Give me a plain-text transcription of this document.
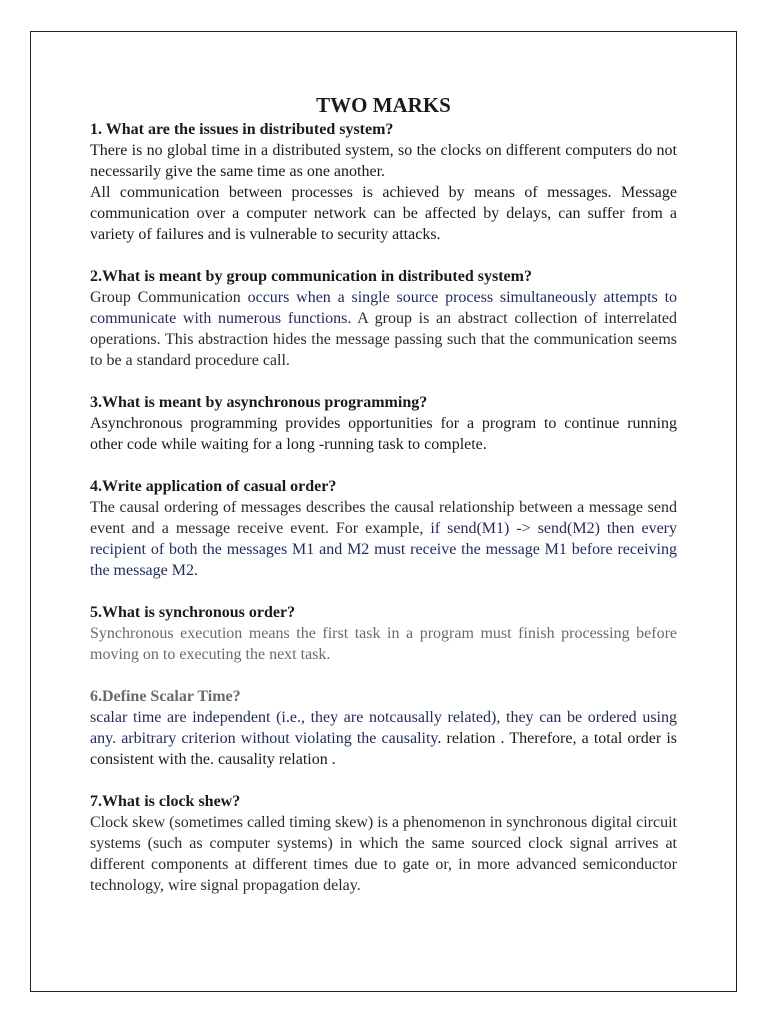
TWO MARKS

1. What are the issues in distributed system?

There is no global time in a distributed system, so the clocks on different computers do not necessarily give the same time as one another.

All communication between processes is achieved by means of messages. Message communication over a computer network can be affected by delays, can suffer from a variety of failures and is vulnerable to security attacks.

2.What is meant by group communication in distributed system?

Group Communication occurs when a single source process simultaneously attempts to communicate with numerous functions. A group is an abstract collection of interrelated operations. This abstraction hides the message passing such that the communication seems to be a standard procedure call.

3.What is meant by asynchronous programming?

Asynchronous programming provides opportunities for a program to continue running other code while waiting for a long -running task to complete.

4.Write application of casual order?

The causal ordering of messages describes the causal relationship between a message send event and a message receive event. For example, if send(M1) -> send(M2) then every recipient of both the messages M1 and M2 must receive the message M1 before receiving the message M2.

5.What is synchronous order?

Synchronous execution means the first task in a program must finish processing before moving on to executing the next task.

6.Define Scalar Time?

scalar time are independent (i.e., they are notcausally related), they can be ordered using any. arbitrary criterion without violating the causality. relation . Therefore, a total order is consistent with the. causality relation .

7.What is clock shew?

Clock skew (sometimes called timing skew) is a phenomenon in synchronous digital circuit systems (such as computer systems) in which the same sourced clock signal arrives at different components at different times due to gate or, in more advanced semiconductor technology, wire signal propagation delay.
